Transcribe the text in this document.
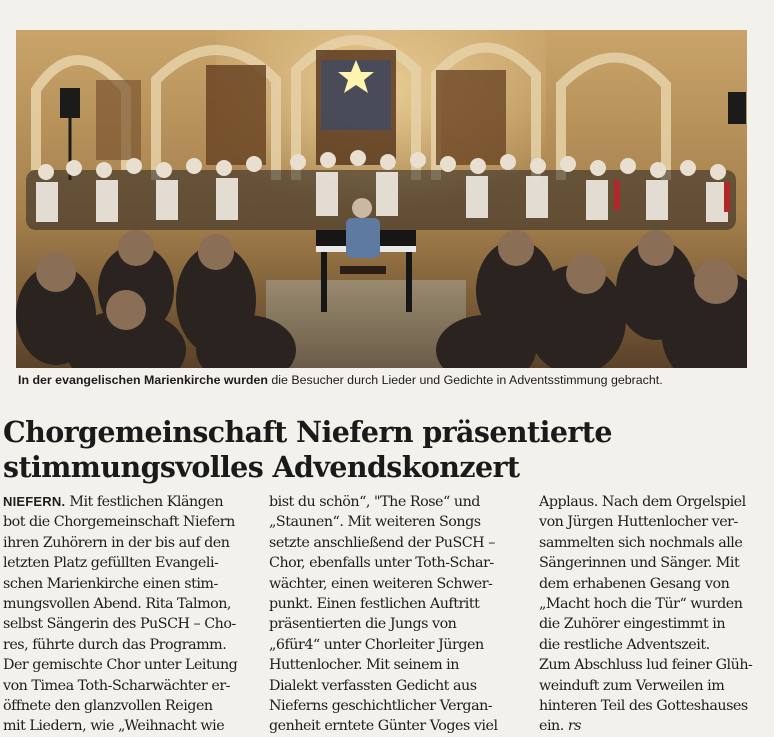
In der evangelischen Marienkirche wurden die Besucher durch Lieder und Gedichte in Adventsstimmung gebracht.
Chorgemeinschaft Niefern präsentierte
stimmungsvolles Advendskonzert
NIEFERN. Mit festlichen Klängen
bot die Chorgemeinschaft Niefern
ihren Zuhörern in der bis auf den
letzten Platz gefüllten Evangeli-
schen Marienkirche einen stim-
mungsvollen Abend. Rita Talmon,
selbst Sängerin des PuSCH – Cho-
res, führte durch das Programm.
Der gemischte Chor unter Leitung
von Timea Toth-Scharwächter er-
öffnete den glanzvollen Reigen
mit Liedern, wie „Weihnacht wie
bist du schön“, "The Rose“ und
„Staunen“. Mit weiteren Songs
setzte anschließend der PuSCH –
Chor, ebenfalls unter Toth-Schar-
wächter, einen weiteren Schwer-
punkt. Einen festlichen Auftritt
präsentierten die Jungs von
„6für4“ unter Chorleiter Jürgen
Huttenlocher. Mit seinem in
Dialekt verfassten Gedicht aus
Nieferns geschichtlicher Vergan-
genheit erntete Günter Voges viel
Applaus. Nach dem Orgelspiel
von Jürgen Huttenlocher ver-
sammelten sich nochmals alle
Sängerinnen und Sänger. Mit
dem erhabenen Gesang von
„Macht hoch die Tür“ wurden
die Zuhörer eingestimmt in
die restliche Adventszeit.
Zum Abschluss lud feiner Glüh-
weinduft zum Verweilen im
hinteren Teil des Gotteshauses
ein. rs
